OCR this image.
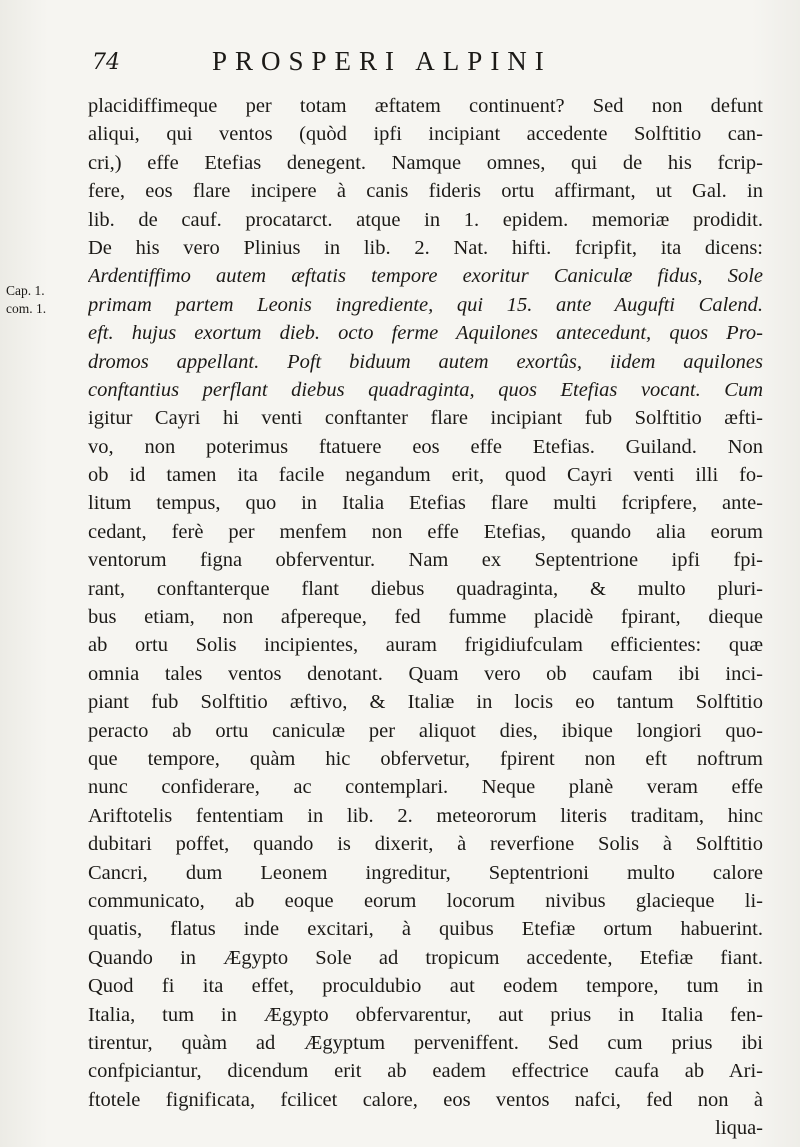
74	PROSPERI ALPINI
Cap. 1.
com. 1.
placidiffimeque per totam æftatem continuent? Sed non defunt
aliqui, qui ventos (quòd ipfi incipiant accedente Solftitio can-
cri,) effe Etefias denegent. Namque omnes, qui de his fcrip-
fere, eos flare incipere à canis fideris ortu affirmant, ut Gal. in
lib. de cauf. procatarct. atque in 1. epidem. memoriæ prodidit.
De his vero Plinius in lib. 2. Nat. hifti. fcripfit, ita dicens:
Ardentiffimo autem æftatis tempore exoritur Caniculæ fidus, Sole
primam partem Leonis ingrediente, qui 15. ante Augufti Calend.
eft. hujus exortum dieb. octo ferme Aquilones antecedunt, quos Pro-
dromos appellant. Poft biduum autem exortûs, iidem aquilones
conftantius perflant diebus quadraginta, quos Etefias vocant. Cum
igitur Cayri hi venti conftanter flare incipiant fub Solftitio æfti-
vo, non poterimus ftatuere eos effe Etefias. Guiland. Non
ob id tamen ita facile negandum erit, quod Cayri venti illi fo-
litum tempus, quo in Italia Etefias flare multi fcripfere, ante-
cedant, ferè per menfem non effe Etefias, quando alia eorum
ventorum figna obferventur. Nam ex Septentrione ipfi fpi-
rant, conftanterque flant diebus quadraginta, & multo pluri-
bus etiam, non afpereque, fed fumme placidè fpirant, dieque
ab ortu Solis incipientes, auram frigidiufculam efficientes: quæ
omnia tales ventos denotant. Quam vero ob caufam ibi inci-
piant fub Solftitio æftivo, & Italiæ in locis eo tantum Solftitio
peracto ab ortu caniculæ per aliquot dies, ibique longiori quo-
que tempore, quàm hic obfervetur, fpirent non eft noftrum
nunc confiderare, ac contemplari. Neque planè veram effe
Ariftotelis fententiam in lib. 2. meteororum literis traditam, hinc
dubitari poffet, quando is dixerit, à reverfione Solis à Solftitio
Cancri, dum Leonem ingreditur, Septentrioni multo calore
communicato, ab eoque eorum locorum nivibus glacieque li-
quatis, flatus inde excitari, à quibus Etefiæ ortum habuerint.
Quando in Ægypto Sole ad tropicum accedente, Etefiæ fiant.
Quod fi ita effet, proculdubio aut eodem tempore, tum in
Italia, tum in Ægypto obfervarentur, aut prius in Italia fen-
tirentur, quàm ad Ægyptum perveniffent. Sed cum prius ibi
confpiciantur, dicendum erit ab eadem effectrice caufa ab Ari-
ftotele fignificata, fcilicet calore, eos ventos nafci, fed non à
liqua-
